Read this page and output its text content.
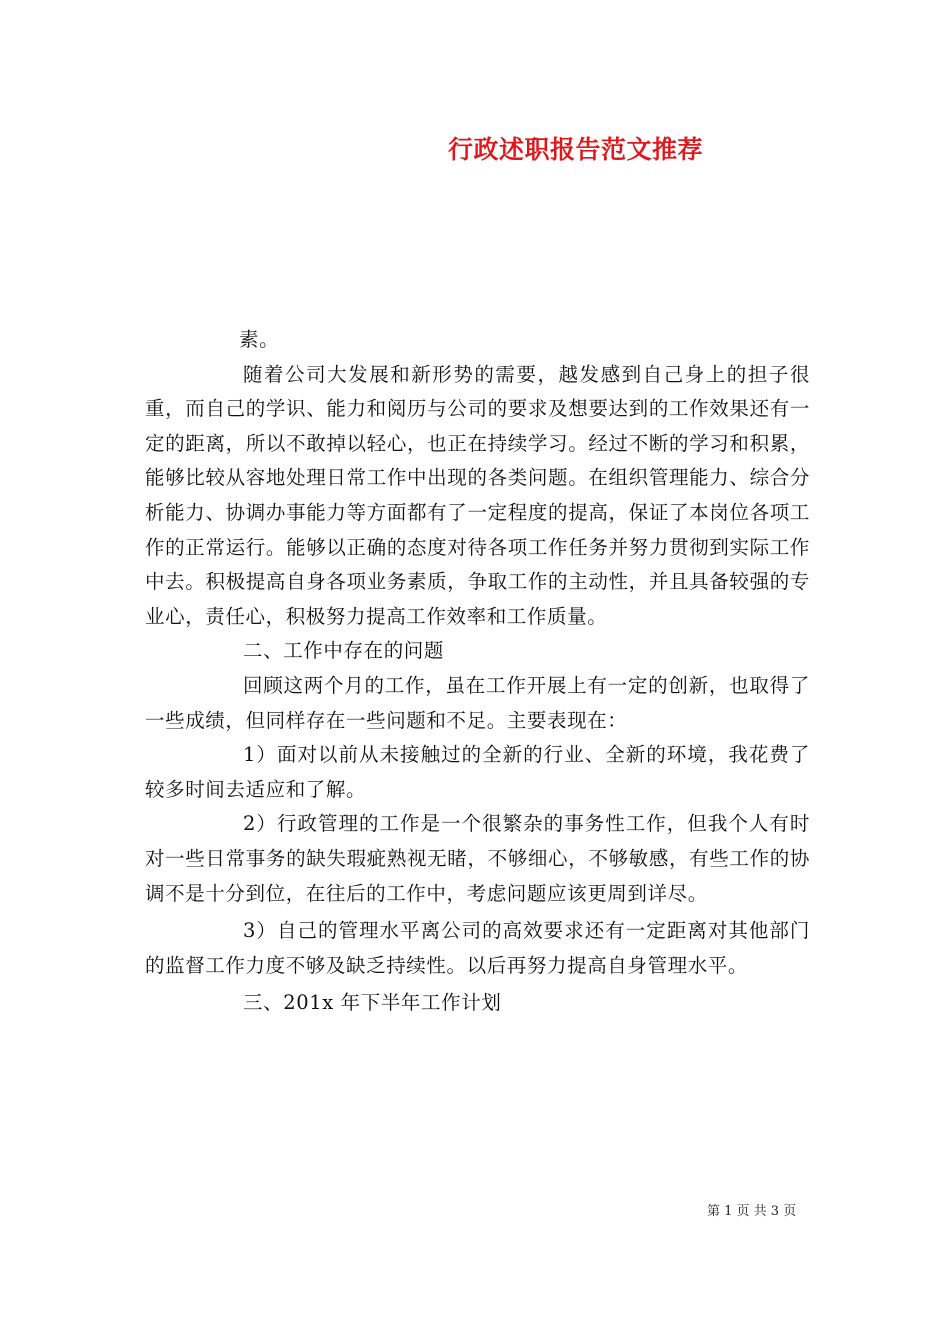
行政述职报告范文推荐

素。

随着公司大发展和新形势的需要，越发感到自己身上的担子很重，而自己的学识、能力和阅历与公司的要求及想要达到的工作效果还有一定的距离，所以不敢掉以轻心，也正在持续学习。经过不断的学习和积累，能够比较从容地处理日常工作中出现的各类问题。在组织管理能力、综合分析能力、协调办事能力等方面都有了一定程度的提高，保证了本岗位各项工作的正常运行。能够以正确的态度对待各项工作任务并努力贯彻到实际工作中去。积极提高自身各项业务素质，争取工作的主动性，并且具备较强的专业心，责任心，积极努力提高工作效率和工作质量。

二、工作中存在的问题

回顾这两个月的工作，虽在工作开展上有一定的创新，也取得了一些成绩，但同样存在一些问题和不足。主要表现在：

1）面对以前从未接触过的全新的行业、全新的环境，我花费了较多时间去适应和了解。

2）行政管理的工作是一个很繁杂的事务性工作，但我个人有时对一些日常事务的缺失瑕疵熟视无睹，不够细心，不够敏感，有些工作的协调不是十分到位，在往后的工作中，考虑问题应该更周到详尽。

3）自己的管理水平离公司的高效要求还有一定距离对其他部门的监督工作力度不够及缺乏持续性。以后再努力提高自身管理水平。

三、201x 年下半年工作计划

第 1 页 共 3 页
